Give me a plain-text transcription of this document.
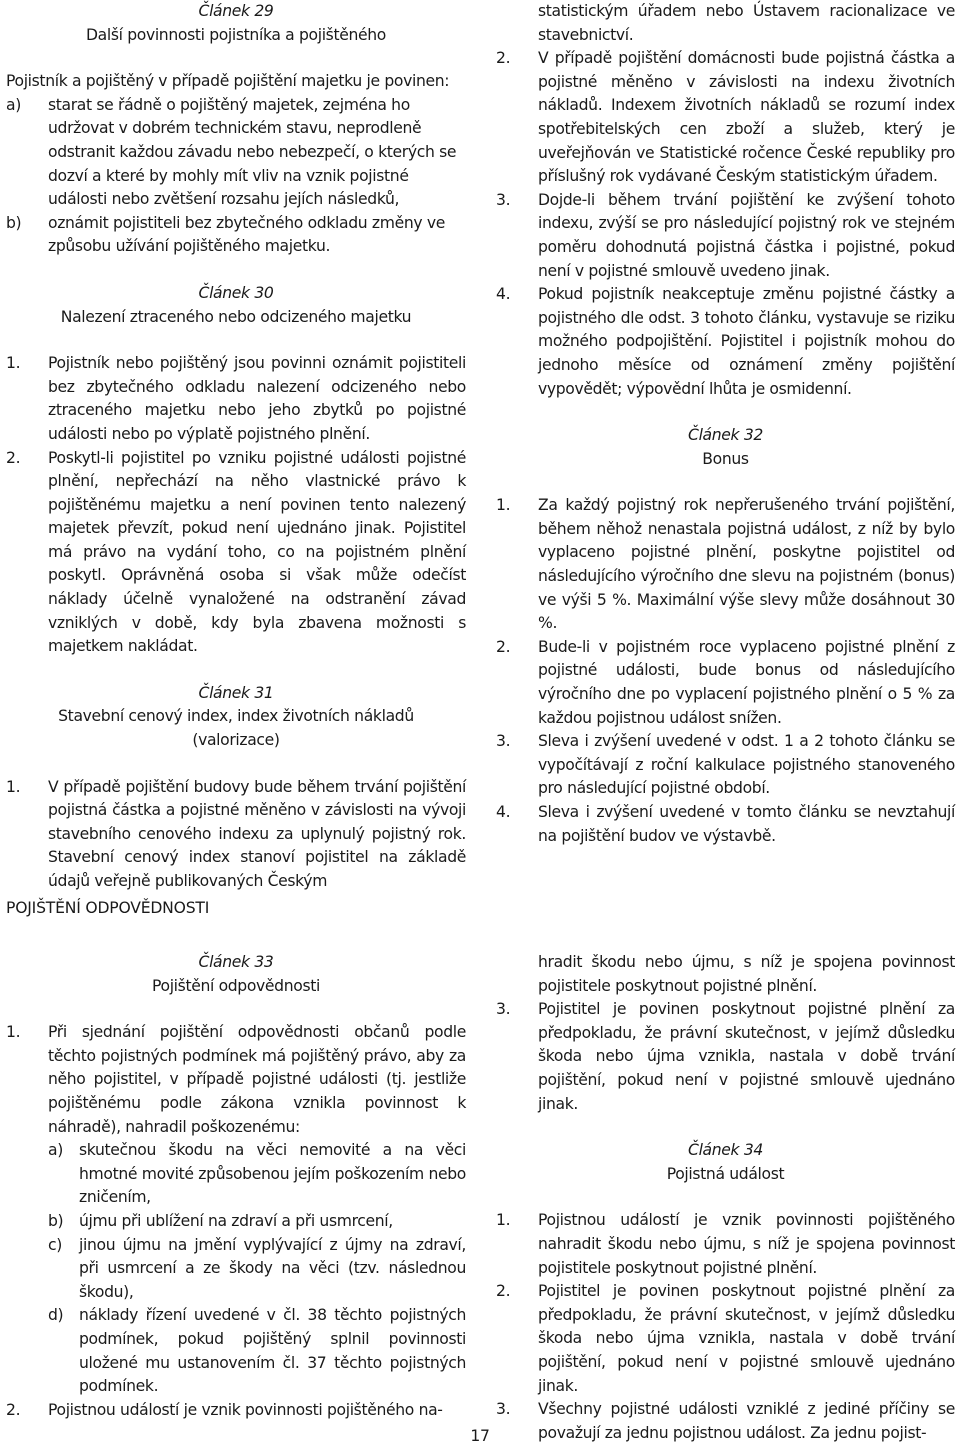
Článek 29

Další povinnosti pojistníka a pojištěného

Pojistník a pojištěný v případě pojištění majetku je povinen:

a)	starat se řádně o pojištěný majetek, zejména ho udržovat v dobrém technickém stavu, neprodleně odstranit každou závadu nebo nebezpečí, o kterých se dozví a které by mohly mít vliv na vznik pojistné události nebo zvětšení rozsahu jejích následků,
b)	oznámit pojistiteli bez zbytečného odkladu změny ve způsobu užívání pojištěného majetku.

Článek 30

Nalezení ztraceného nebo odcizeného majetku

1.	Pojistník nebo pojištěný jsou povinni oznámit pojistiteli bez zbytečného odkladu nalezení odcizeného nebo ztraceného majetku nebo jeho zbytků po pojistné události nebo po výplatě pojistného plnění.
2.	Poskytl-li pojistitel po vzniku pojistné události pojistné plnění, nepřechází na něho vlastnické právo k pojištěnému majetku a není povinen tento nalezený majetek převzít, pokud není ujednáno jinak. Pojistitel má právo na vydání toho, co na pojistném plnění poskytl. Oprávněná osoba si však může odečíst náklady účelně vynaložené na odstranění závad vzniklých v době, kdy byla zbavena možnosti s majetkem nakládat.

Článek 31

Stavební cenový index, index životních nákladů (valorizace)

1.	V případě pojištění budovy bude během trvání pojištění pojistná částka a pojistné měněno v závislosti na vývoji stavebního cenového indexu za uplynulý pojistný rok. Stavební cenový index stanoví pojistitel na základě údajů veřejně publikovaných Českým
statistickým úřadem nebo Ústavem racionalizace ve stavebnictví.
2.	V případě pojištění domácnosti bude pojistná částka a pojistné měněno v závislosti na indexu životních nákladů. Indexem životních nákladů se rozumí index spotřebitelských cen zboží a služeb, který je uveřejňován ve Statistické ročence České republiky pro příslušný rok vydávané Českým statistickým úřadem.
3.	Dojde-li během trvání pojištění ke zvýšení tohoto indexu, zvýší se pro následující pojistný rok ve stejném poměru dohodnutá pojistná částka i pojistné, pokud není v pojistné smlouvě uvedeno jinak.
4.	Pokud pojistník neakceptuje změnu pojistné částky a pojistného dle odst. 3 tohoto článku, vystavuje se riziku možného podpojištění. Pojistitel i pojistník mohou do jednoho měsíce od oznámení změny pojištění vypovědět; výpovědní lhůta je osmidenní.

Článek 32

Bonus

1.	Za každý pojistný rok nepřerušeného trvání pojištění, během něhož nenastala pojistná událost, z níž by bylo vyplaceno pojistné plnění, poskytne pojistitel od následujícího výročního dne slevu na pojistném (bonus) ve výši 5 %. Maximální výše slevy může dosáhnout 30 %.
2.	Bude-li v pojistném roce vyplaceno pojistné plnění z pojistné události, bude bonus od následujícího výročního dne po vyplacení pojistného plnění o 5 % za každou pojistnou událost snížen.
3.	Sleva i zvýšení uvedené v odst. 1 a 2 tohoto článku se vypočítávají z roční kalkulace pojistného stanoveného pro následující pojistné období.
4.	Sleva i zvýšení uvedené v tomto článku se nevztahují na pojištění budov ve výstavbě.

POJIŠTĚNÍ ODPOVĚDNOSTI

Článek 33

Pojištění odpovědnosti

1.	Při sjednání pojištění odpovědnosti občanů podle těchto pojistných podmínek má pojištěný právo, aby za něho pojistitel, v případě pojistné události (tj. jestliže pojištěnému podle zákona vznikla povinnost k náhradě), nahradil poškozenému:
a)	skutečnou škodu na věci nemovité a na věci hmotné movité způsobenou jejím poškozením nebo zničením,
b)	újmu při ublížení na zdraví a při usmrcení,
c)	jinou újmu na jmění vyplývající z újmy na zdraví, při usmrcení a ze škody na věci (tzv. následnou škodu),
d)	náklady řízení uvedené v čl. 38 těchto pojistných podmínek, pokud pojištěný splnil povinnosti uložené mu ustanovením čl. 37 těchto pojistných podmínek.
2.	Pojistnou událostí je vznik povinnosti pojištěného na-
hradit škodu nebo újmu, s níž je spojena povinnost pojistitele poskytnout pojistné plnění.
3.	Pojistitel je povinen poskytnout pojistné plnění za předpokladu, že právní skutečnost, v jejímž důsledku škoda nebo újma vznikla, nastala v době trvání pojištění, pokud není v pojistné smlouvě ujednáno jinak.

Článek 34

Pojistná událost

1.	Pojistnou událostí je vznik povinnosti pojištěného nahradit škodu nebo újmu, s níž je spojena povinnost pojistitele poskytnout pojistné plnění.
2.	Pojistitel je povinen poskytnout pojistné plnění za předpokladu, že právní skutečnost, v jejímž důsledku škoda nebo újma vznikla, nastala v době trvání pojištění, pokud není v pojistné smlouvě ujednáno jinak.
3.	Všechny pojistné události vzniklé z jediné příčiny se považují za jednu pojistnou událost. Za jednu pojist-

17
